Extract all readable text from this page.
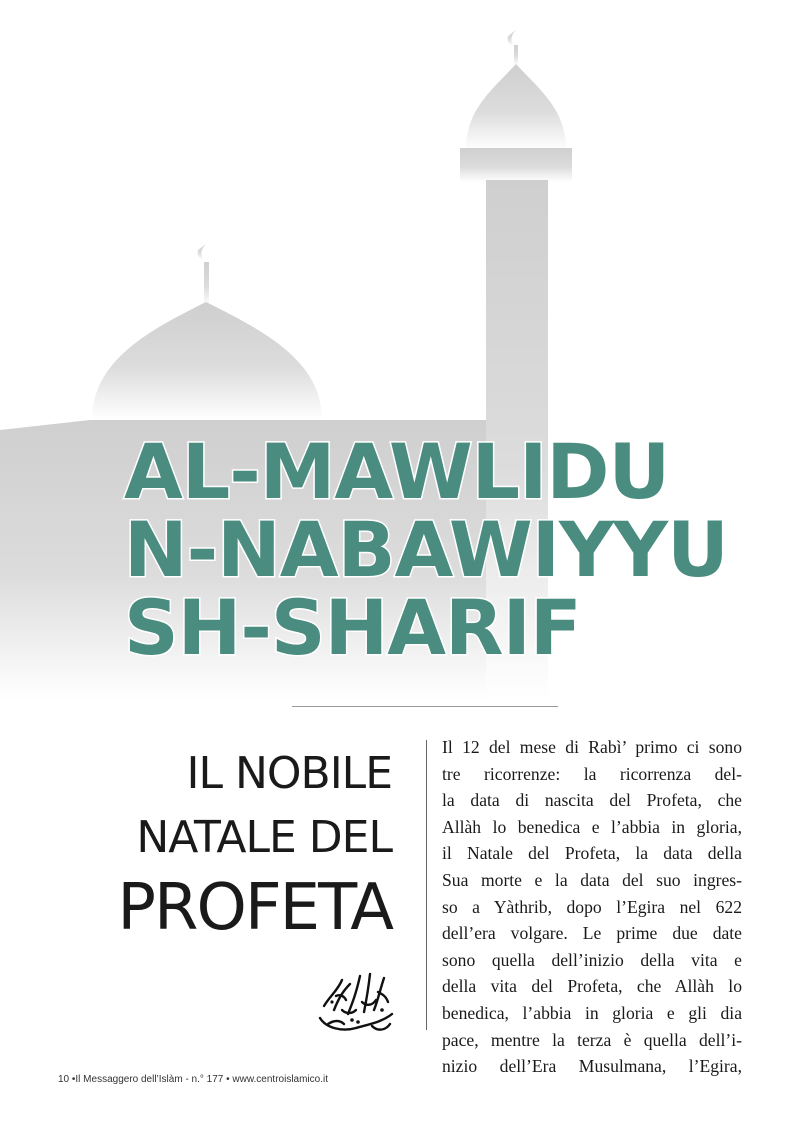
AL-MAWLIDU
N-NABAWIYYU
SH-SHARIF
IL NOBILE
NATALE DEL
PROFETA

Il 12 del mese di Rabì’ primo ci sono
tre ricorrenze: la ricorrenza del-
la data di nascita del Profeta, che
Allàh lo benedica e l’abbia in gloria,
il Natale del Profeta, la data della
Sua morte e la data del suo ingres-
so a Yàthrib, dopo l’Egira nel 622
dell’era volgare. Le prime due date
sono quella dell’inizio della vita e
della vita del Profeta, che Allàh lo
benedica, l’abbia in gloria e gli dia
pace, mentre la terza è quella dell’i-
nizio dell’Era Musulmana, l’Egira,

10 •Il Messaggero dell’Islàm - n.° 177 • www.centroislamico.it
